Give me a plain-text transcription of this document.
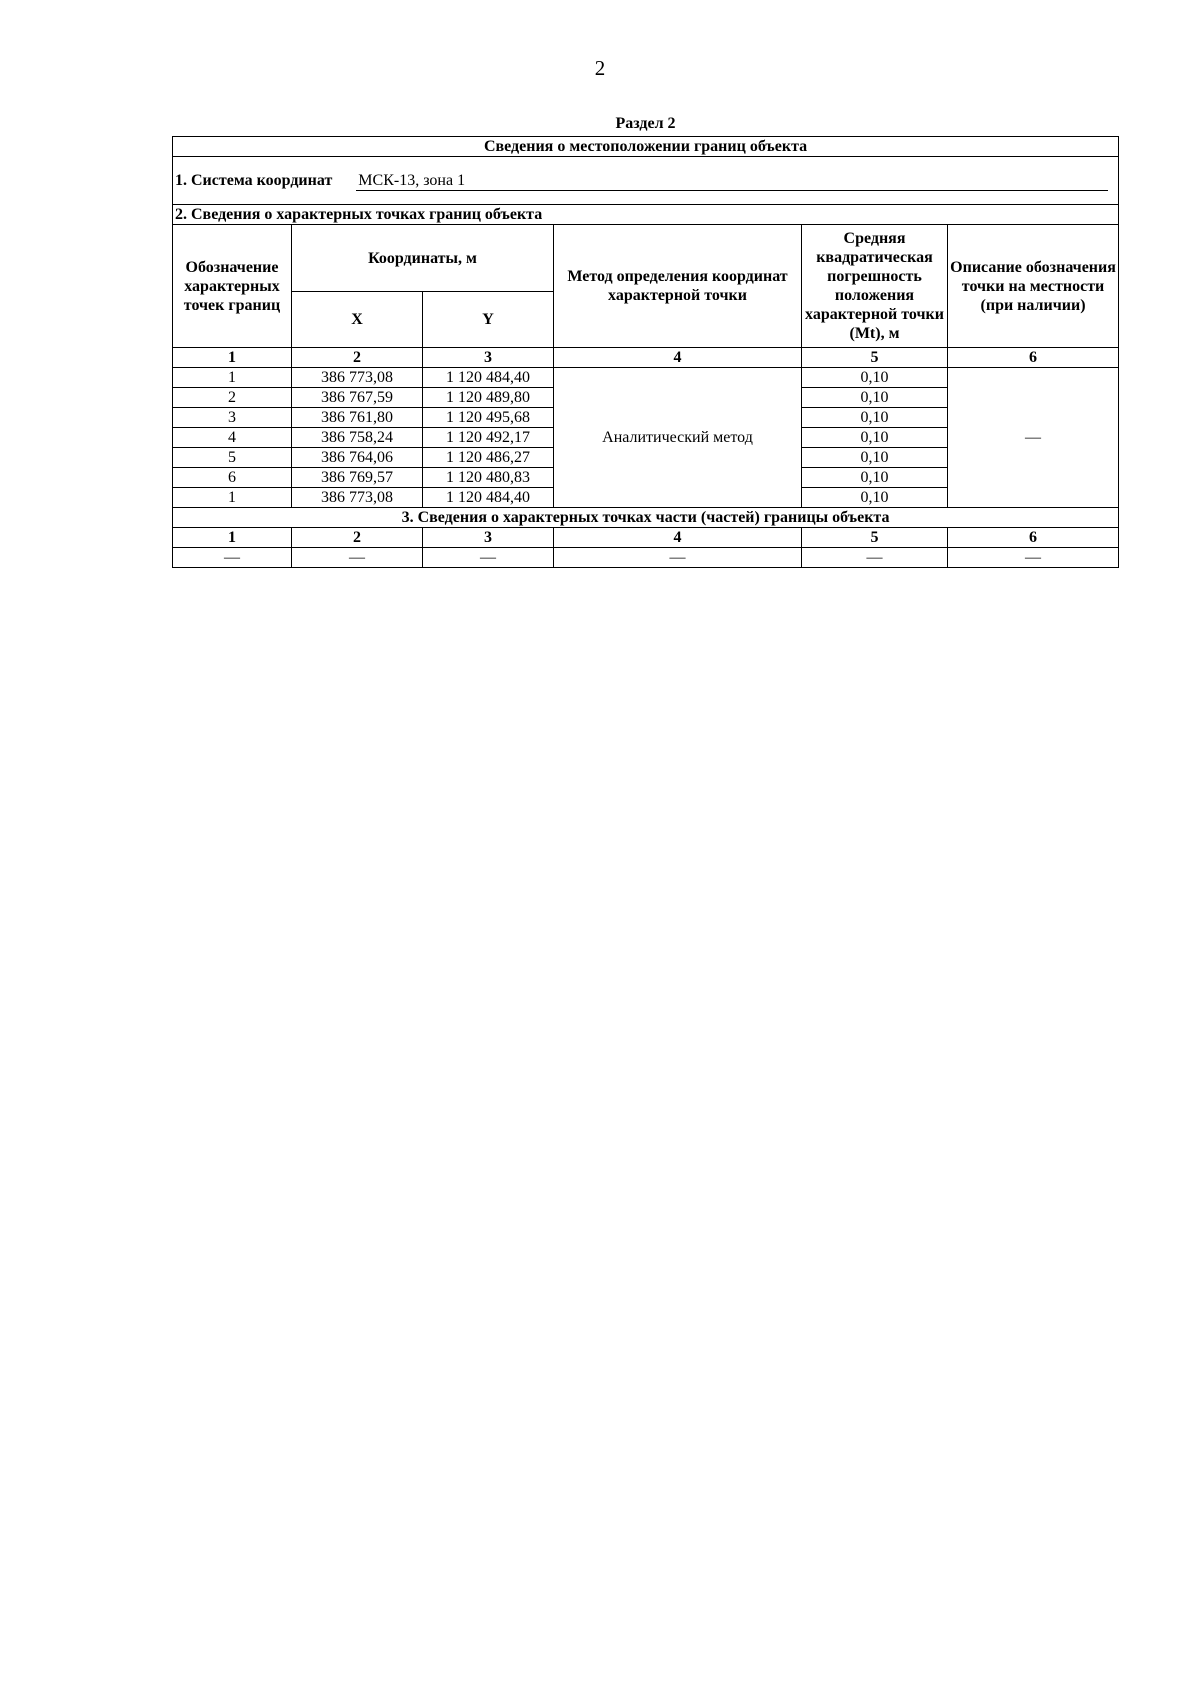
2
Раздел 2
Сведения о местоположении границ объекта					

1. Система координат МСК-13, зона 1					

2. Сведения о характерных точках границ объекта					
Обозначение характерных точек границ	Координаты, м		Метод определения координат характерной точки	Средняя квадратическая погрешность положения характерной точки (Mt), м	Описание обозначения точки на местности (при наличии)
	X	Y			
1	2	3	4	5	6
1	386 773,08	1 120 484,40	Аналитический метод	0,10	—
2	386 767,59	1 120 489,80		0,10	
3	386 761,80	1 120 495,68		0,10	
4	386 758,24	1 120 492,17		0,10	
5	386 764,06	1 120 486,27		0,10	
6	386 769,57	1 120 480,83		0,10	
1	386 773,08	1 120 484,40		0,10	
3. Сведения о характерных точках части (частей) границы объекта					
1	2	3	4	5	6
—	—	—	—	—	—
